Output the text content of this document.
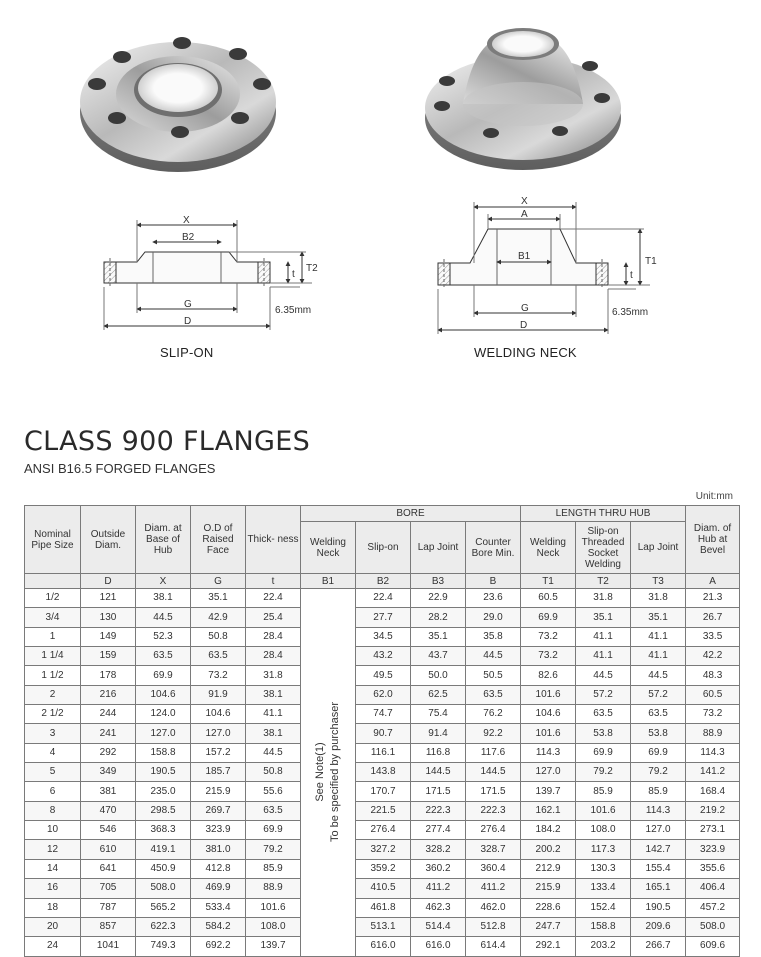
X
B2
G
D
t
T2
6.35mm
X
A
B1
G
D
t
T1
6.35mm
SLIP-ON	WELDING NECK
CLASS 900 FLANGES
ANSI B16.5 FORGED FLANGES
Unit:mm
Nominal Pipe Size	Outside Diam.	Diam. at Base of Hub	O.D of Raised Face	Thick- ness	BORE				LENGTH THRU HUB			Diam. of Hub at Bevel
					Welding Neck	Slip-on	Lap Joint	Counter Bore Min.	Welding Neck	Slip-on Threaded Socket Welding	Lap Joint	
	D	X	G	t	B1	B2	B3	B	T1	T2	T3	A
1/2	121	38.1	35.1	22.4	See Note(1) To be specified by purchaser	22.4	22.9	23.6	60.5	31.8	31.8	21.3
3/4	130	44.5	42.9	25.4		27.7	28.2	29.0	69.9	35.1	35.1	26.7
1	149	52.3	50.8	28.4		34.5	35.1	35.8	73.2	41.1	41.1	33.5
1 1/4	159	63.5	63.5	28.4		43.2	43.7	44.5	73.2	41.1	41.1	42.2
1 1/2	178	69.9	73.2	31.8		49.5	50.0	50.5	82.6	44.5	44.5	48.3
2	216	104.6	91.9	38.1		62.0	62.5	63.5	101.6	57.2	57.2	60.5
2 1/2	244	124.0	104.6	41.1		74.7	75.4	76.2	104.6	63.5	63.5	73.2
3	241	127.0	127.0	38.1		90.7	91.4	92.2	101.6	53.8	53.8	88.9
4	292	158.8	157.2	44.5		116.1	116.8	117.6	114.3	69.9	69.9	114.3
5	349	190.5	185.7	50.8		143.8	144.5	144.5	127.0	79.2	79.2	141.2
6	381	235.0	215.9	55.6		170.7	171.5	171.5	139.7	85.9	85.9	168.4
8	470	298.5	269.7	63.5		221.5	222.3	222.3	162.1	101.6	114.3	219.2
10	546	368.3	323.9	69.9		276.4	277.4	276.4	184.2	108.0	127.0	273.1
12	610	419.1	381.0	79.2		327.2	328.2	328.7	200.2	117.3	142.7	323.9
14	641	450.9	412.8	85.9		359.2	360.2	360.4	212.9	130.3	155.4	355.6
16	705	508.0	469.9	88.9		410.5	411.2	411.2	215.9	133.4	165.1	406.4
18	787	565.2	533.4	101.6		461.8	462.3	462.0	228.6	152.4	190.5	457.2
20	857	622.3	584.2	108.0		513.1	514.4	512.8	247.7	158.8	209.6	508.0
24	1041	749.3	692.2	139.7		616.0	616.0	614.4	292.1	203.2	266.7	609.6
